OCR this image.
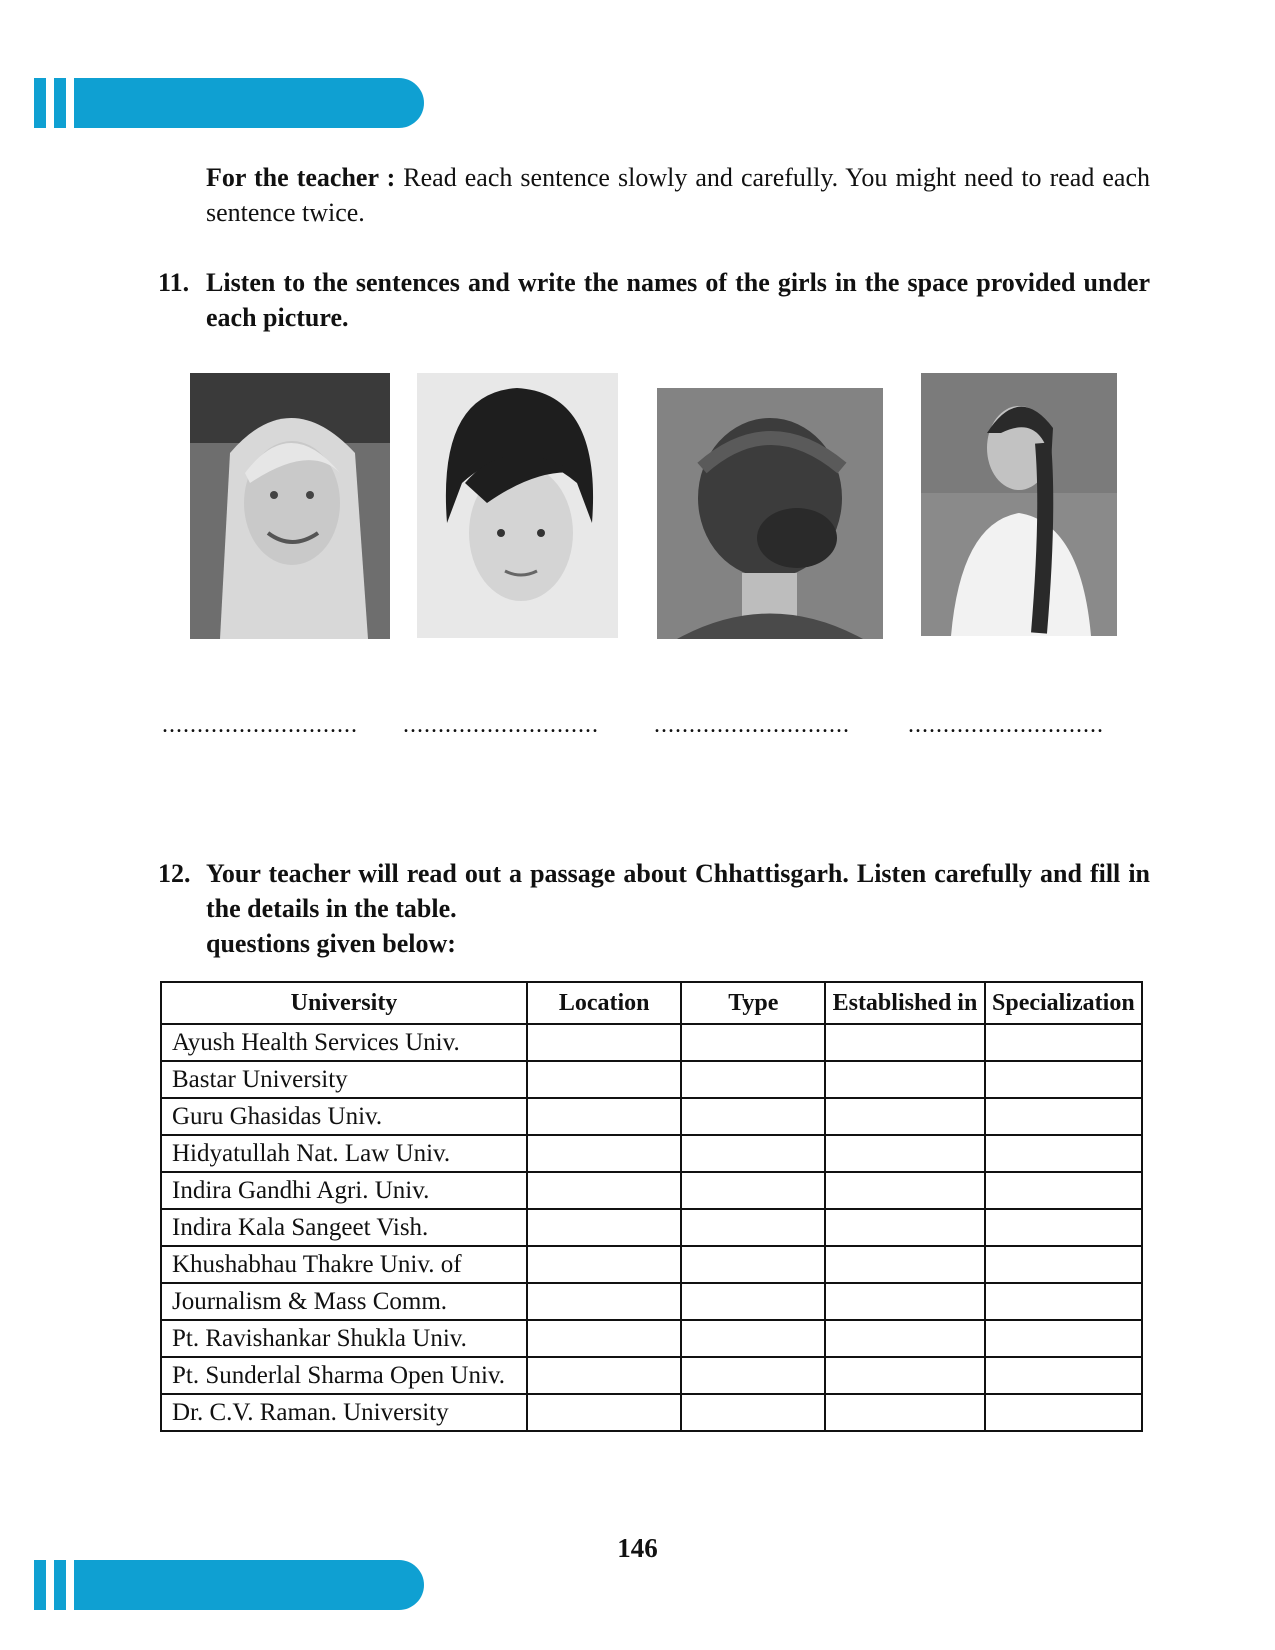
For the teacher : Read each sentence slowly and carefully. You might need to read each sentence twice.
11. Listen to the sentences and write the names of the girls in the space provided under each picture.
............................ ............................ ............................ ............................
12. Your teacher will read out a passage about Chhattisgarh. Listen carefully and fill in the details in the table.
questions given below:
University	Location	Type	Established in	Specialization
Ayush Health Services Univ.				
Bastar University				
Guru Ghasidas Univ.				
Hidyatullah Nat. Law Univ.				
Indira Gandhi Agri. Univ.				
Indira Kala Sangeet Vish.				
Khushabhau Thakre Univ. of				
Journalism & Mass Comm.				
Pt. Ravishankar Shukla Univ.				
Pt. Sunderlal Sharma Open Univ.				
Dr. C.V. Raman. University				
146
